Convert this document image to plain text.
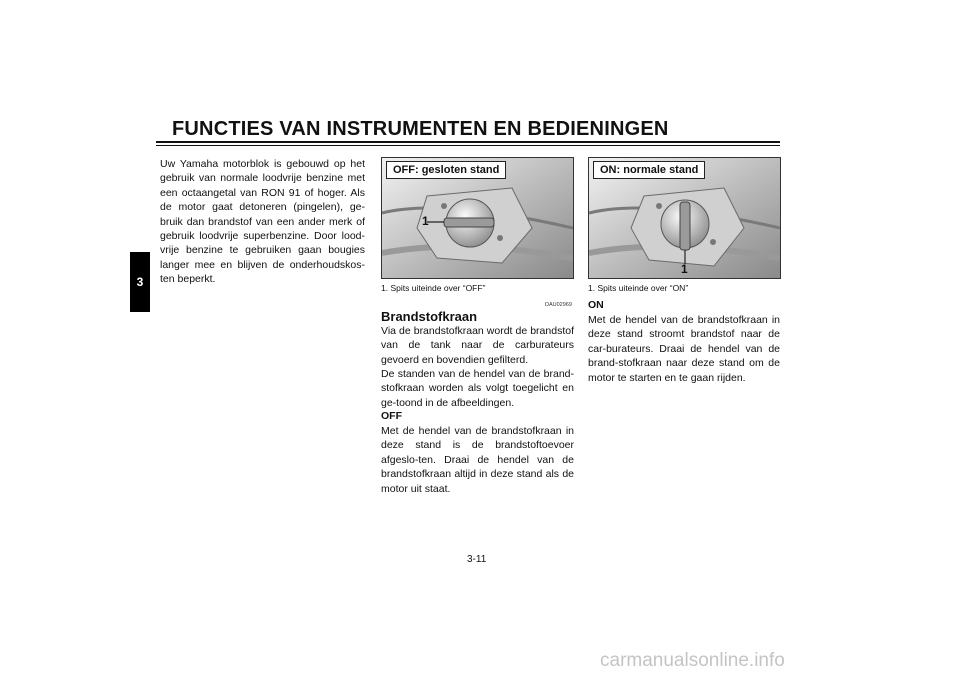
FUNCTIES VAN INSTRUMENTEN EN BEDIENINGEN
3
Uw Yamaha motorblok is gebouwd op het gebruik van normale loodvrije benzine met een octaangetal van RON 91 of hoger. Als de motor gaat detoneren (pingelen), ge-bruik dan brandstof van een ander merk of gebruik loodvrije superbenzine. Door lood-vrije benzine te gebruiken gaan bougies langer mee en blijven de onderhoudskos-ten beperkt.
OFF: gesloten stand
1
1. Spits uiteinde over “OFF”
DAU02969
Brandstofkraan
Via de brandstofkraan wordt de brandstof van de tank naar de carburateurs gevoerd en bovendien gefilterd.
De standen van de hendel van de brand-stofkraan worden als volgt toegelicht en ge-toond in de afbeeldingen.
OFF
Met de hendel van de brandstofkraan in deze stand is de brandstoftoevoer afgeslo-ten. Draai de hendel van de brandstofkraan altijd in deze stand als de motor uit staat.
ON: normale stand
1
1. Spits uiteinde over “ON”
ON
Met de hendel van de brandstofkraan in deze stand stroomt brandstof naar de car-burateurs. Draai de hendel van de brand-stofkraan naar deze stand om de motor te starten en te gaan rijden.
3-11
carmanualsonline.info
